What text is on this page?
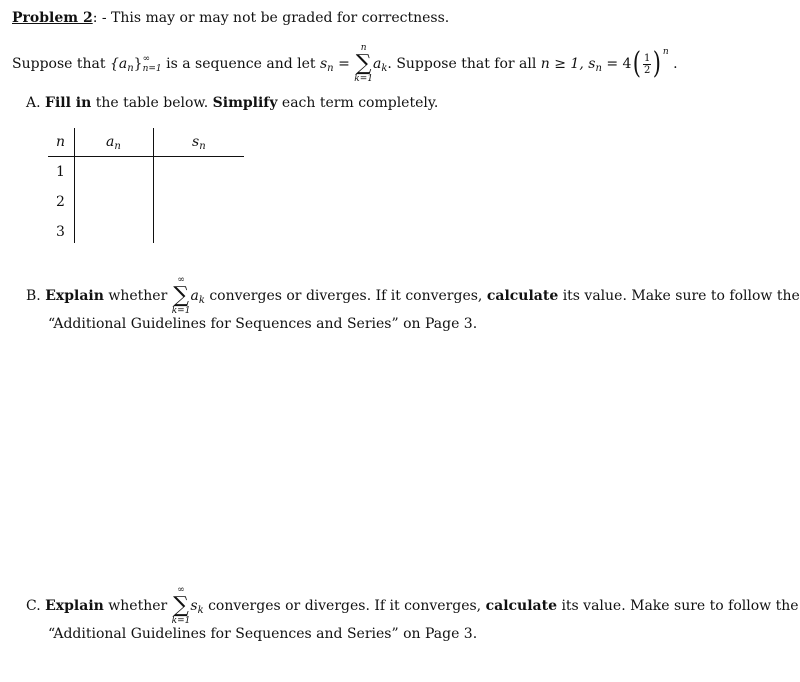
Problem 2: - This may or may not be graded for correctness.
Suppose that $\{a_n\}$ ∞
n=1 is a sequence and let $s_n$ =
n
∑
k=1
$a_k$. Suppose that for all n ≥ 1, $s_n = 4( \frac{1}{2}$ ) $^n$ .
A. Fill in the table below. Simplify each term completely.
n	$a_n$	$s_n$
1
2
3
B. Explain whether
∞
∑
k=1
$a_k$ converges or diverges. If it converges, calculate its value. Make sure to follow the
“Additional Guidelines for Sequences and Series” on Page 3.
C. Explain whether
∞
∑
k=1
$s_k$ converges or diverges. If it converges, calculate its value. Make sure to follow the
“Additional Guidelines for Sequences and Series” on Page 3.
